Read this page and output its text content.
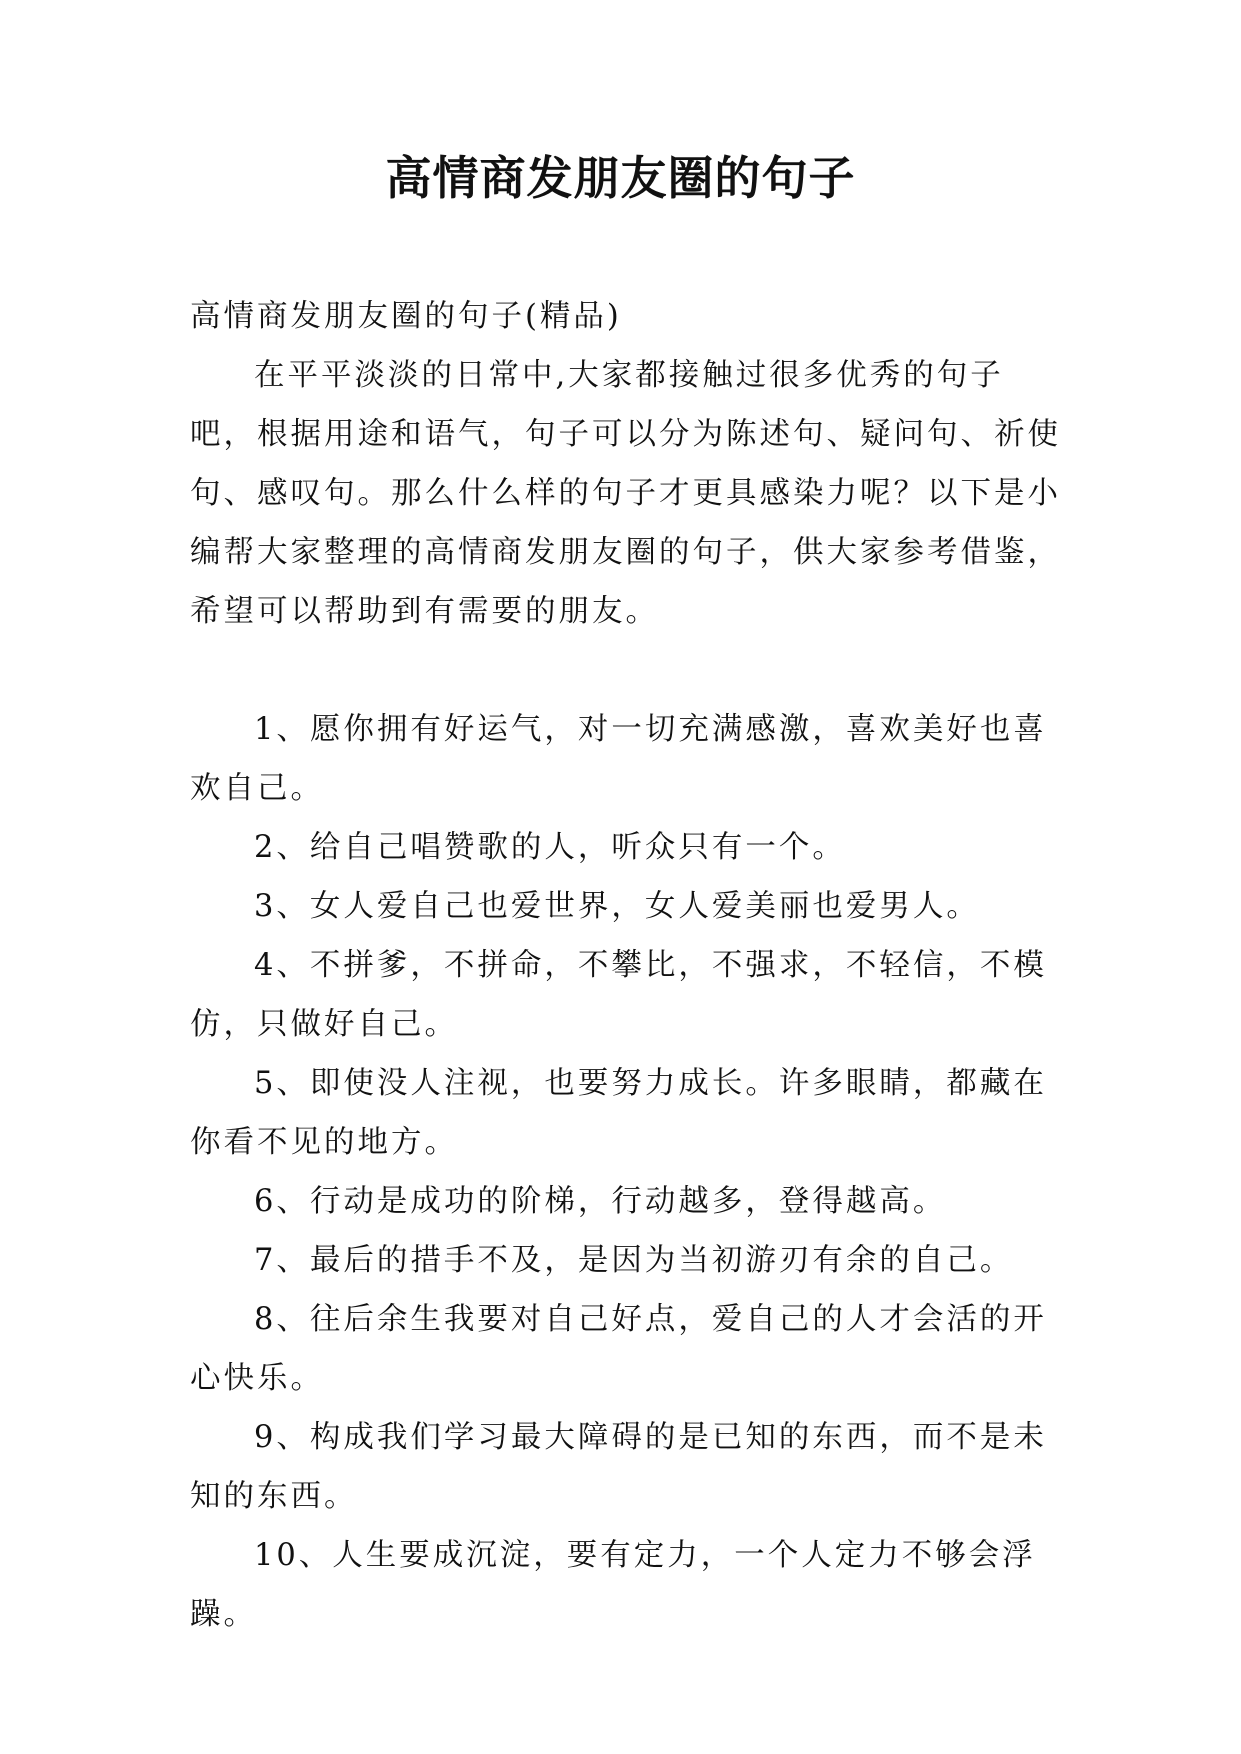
高情商发朋友圈的句子

高情商发朋友圈的句子(精品)

在平平淡淡的日常中,大家都接触过很多优秀的句子吧，根据用途和语气，句子可以分为陈述句、疑问句、祈使句、感叹句。那么什么样的句子才更具感染力呢？以下是小编帮大家整理的高情商发朋友圈的句子，供大家参考借鉴，希望可以帮助到有需要的朋友。

1、愿你拥有好运气，对一切充满感激，喜欢美好也喜欢自己。

2、给自己唱赞歌的人，听众只有一个。

3、女人爱自己也爱世界，女人爱美丽也爱男人。

4、不拼爹，不拼命，不攀比，不强求，不轻信，不模仿，只做好自己。

5、即使没人注视，也要努力成长。许多眼睛，都藏在你看不见的地方。

6、行动是成功的阶梯，行动越多，登得越高。

7、最后的措手不及，是因为当初游刃有余的自己。

8、往后余生我要对自己好点，爱自己的人才会活的开心快乐。

9、构成我们学习最大障碍的是已知的东西，而不是未知的东西。

10、人生要成沉淀，要有定力，一个人定力不够会浮躁。
